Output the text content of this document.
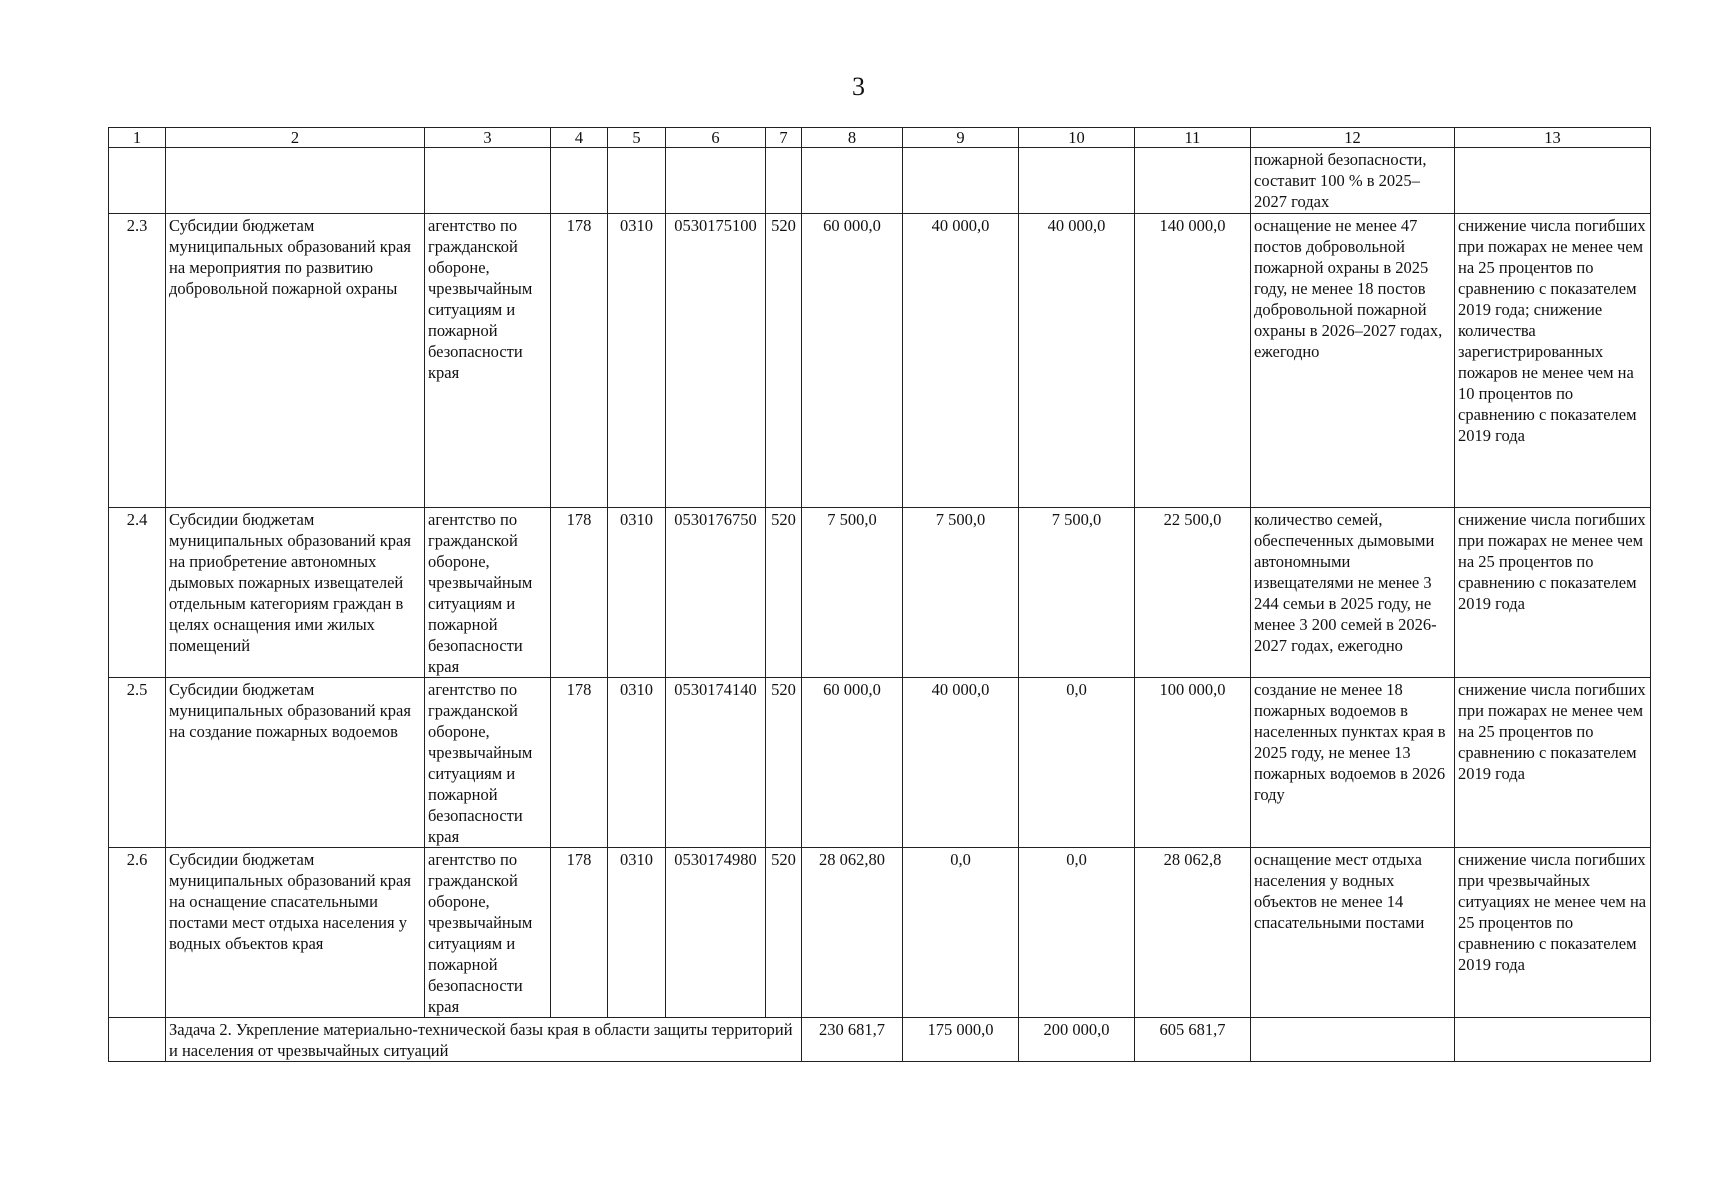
3
1	2	3	4	5	6	7	8	9	10	11	12	13
											пожарной безопасности, составит 100 % в 2025–2027 годах	
2.3	Субсидии бюджетам муниципальных образований края на мероприятия по развитию добровольной пожарной охраны	агентство по гражданской обороне, чрезвычайным ситуациям и пожарной безопасности края	178	0310	0530175100	520	60 000,0	40 000,0	40 000,0	140 000,0	оснащение не менее 47 постов добровольной пожарной охраны в 2025 году, не менее 18 постов добровольной пожарной охраны в 2026–2027 годах, ежегодно	снижение числа погибших при пожарах не менее чем на 25 процентов по сравнению с показателем 2019 года; снижение количества зарегистрированных пожаров не менее чем на 10 процентов по сравнению с показателем 2019 года
2.4	Субсидии бюджетам муниципальных образований края на приобретение автономных дымовых пожарных извещателей отдельным категориям граждан в целях оснащения ими жилых помещений	агентство по гражданской обороне, чрезвычайным ситуациям и пожарной безопасности края	178	0310	0530176750	520	7 500,0	7 500,0	7 500,0	22 500,0	количество семей, обеспеченных дымовыми автономными извещателями не менее 3 244 семьи в 2025 году, не менее 3 200 семей в 2026-2027 годах, ежегодно	снижение числа погибших при пожарах не менее чем на 25 процентов по сравнению с показателем 2019 года
2.5	Субсидии бюджетам муниципальных образований края на создание пожарных водоемов	агентство по гражданской обороне, чрезвычайным ситуациям и пожарной безопасности края	178	0310	0530174140	520	60 000,0	40 000,0	0,0	100 000,0	создание не менее 18 пожарных водоемов в населенных пунктах края в 2025 году, не менее 13 пожарных водоемов в 2026 году	снижение числа погибших при пожарах не менее чем на 25 процентов по сравнению с показателем 2019 года
2.6	Субсидии бюджетам муниципальных образований края на оснащение спасательными постами мест отдыха населения у водных объектов края	агентство по гражданской обороне, чрезвычайным ситуациям и пожарной безопасности края	178	0310	0530174980	520	28 062,80	0,0	0,0	28 062,8	оснащение мест отдыха населения у водных объектов не менее 14 спасательными постами	снижение числа погибших при чрезвычайных ситуациях не менее чем на 25 процентов по сравнению с показателем 2019 года
	Задача 2. Укрепление материально-технической базы края в области защиты территорий и населения от чрезвычайных ситуаций						230 681,7	175 000,0	200 000,0	605 681,7		
